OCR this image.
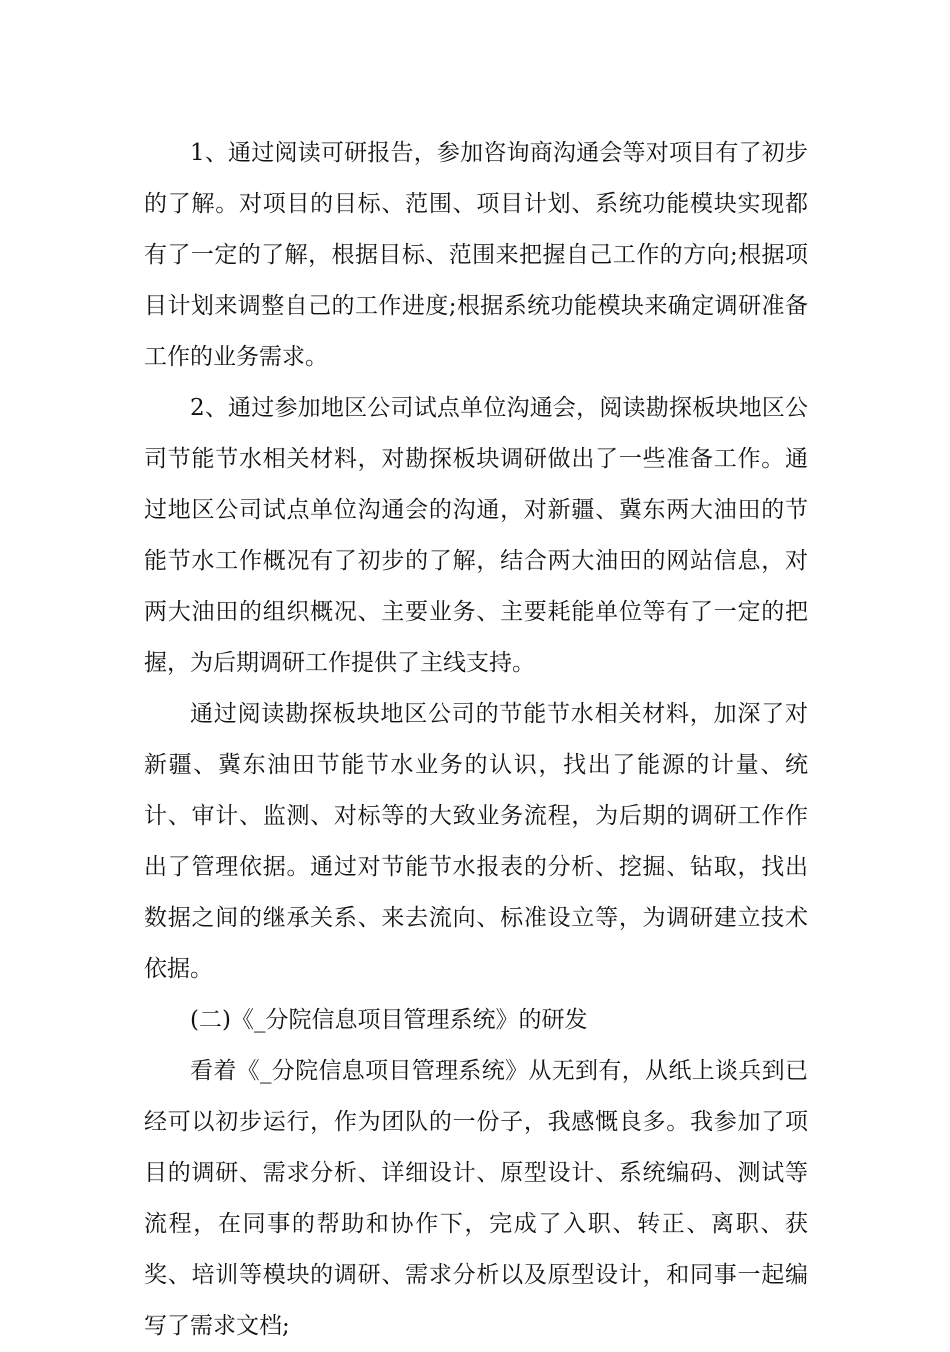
1、通过阅读可研报告，参加咨询商沟通会等对项目有了初步的了解。对项目的目标、范围、项目计划、系统功能模块实现都有了一定的了解，根据目标、范围来把握自己工作的方向;根据项目计划来调整自己的工作进度;根据系统功能模块来确定调研准备工作的业务需求。

2、通过参加地区公司试点单位沟通会，阅读勘探板块地区公司节能节水相关材料，对勘探板块调研做出了一些准备工作。通过地区公司试点单位沟通会的沟通，对新疆、冀东两大油田的节能节水工作概况有了初步的了解，结合两大油田的网站信息，对两大油田的组织概况、主要业务、主要耗能单位等有了一定的把握，为后期调研工作提供了主线支持。

通过阅读勘探板块地区公司的节能节水相关材料，加深了对新疆、冀东油田节能节水业务的认识，找出了能源的计量、统计、审计、监测、对标等的大致业务流程，为后期的调研工作作出了管理依据。通过对节能节水报表的分析、挖掘、钻取，找出数据之间的继承关系、来去流向、标准设立等，为调研建立技术依据。

(二)《_分院信息项目管理系统》的研发

看着《_分院信息项目管理系统》从无到有，从纸上谈兵到已经可以初步运行，作为团队的一份子，我感慨良多。我参加了项目的调研、需求分析、详细设计、原型设计、系统编码、测试等流程，在同事的帮助和协作下，完成了入职、转正、离职、获奖、培训等模块的调研、需求分析以及原型设计，和同事一起编写了需求文档;
